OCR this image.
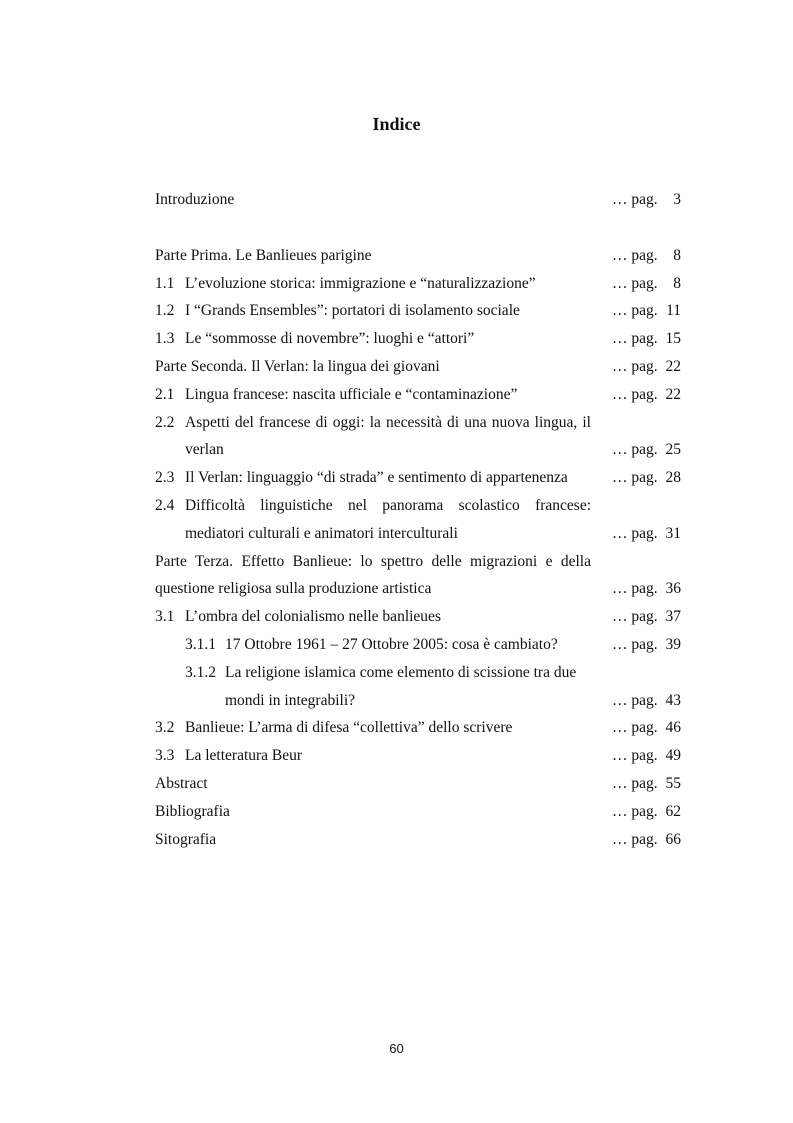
Indice
Introduzione	… pag. 3
Parte Prima. Le Banlieues parigine	… pag. 8
1.1 L’evoluzione storica: immigrazione e “naturalizzazione”	… pag. 8
1.2 I “Grands Ensembles”: portatori di isolamento sociale	… pag. 11
1.3 Le “sommosse di novembre”: luoghi e “attori”	… pag. 15
Parte Seconda. Il Verlan: la lingua dei giovani	… pag. 22
2.1 Lingua francese: nascita ufficiale e “contaminazione”	… pag. 22
2.2 Aspetti del francese di oggi: la necessità di una nuova lingua, il
verlan	… pag. 25
2.3 Il Verlan: linguaggio “di strada” e sentimento di appartenenza	… pag. 28
2.4 Difficoltà linguistiche nel panorama scolastico francese:
mediatori culturali e animatori interculturali	… pag. 31
Parte Terza. Effetto Banlieue: lo spettro delle migrazioni e della
questione religiosa sulla produzione artistica	… pag. 36
3.1 L’ombra del colonialismo nelle banlieues	… pag. 37
3.1.1 17 Ottobre 1961 – 27 Ottobre 2005: cosa è cambiato?	… pag. 39
3.1.2 La religione islamica come elemento di scissione tra due
mondi in integrabili?	… pag. 43
3.2 Banlieue: L’arma di difesa “collettiva” dello scrivere	… pag. 46
3.3 La letteratura Beur	… pag. 49
Abstract	… pag. 55
Bibliografia	… pag. 62
Sitografia	… pag. 66
60
